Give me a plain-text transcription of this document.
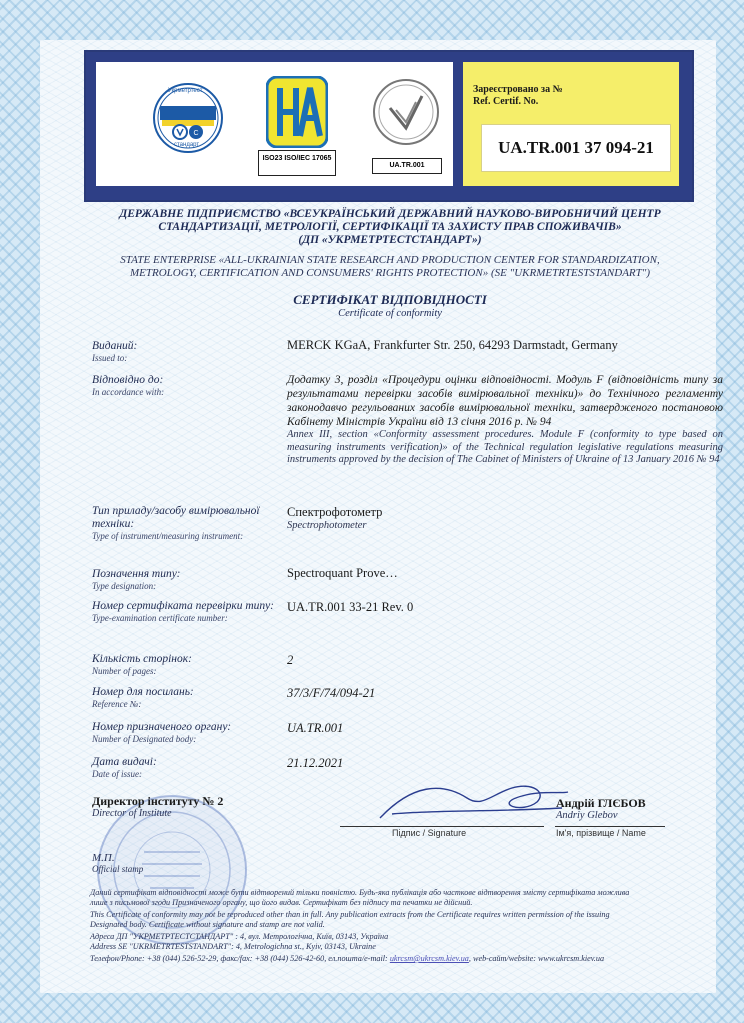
С
Укрметртест
стандарт
ISO23 ISO/IEC 17065
UA.TR.001
Зареєстровано за №
Ref. Certif. No.
UA.TR.001 37 094-21
ДЕРЖАВНЕ ПІДПРИЄМСТВО «ВСЕУКРАЇНСЬКИЙ ДЕРЖАВНИЙ НАУКОВО-ВИРОБНИЧИЙ ЦЕНТР
СТАНДАРТИЗАЦІЇ, МЕТРОЛОГІЇ, СЕРТИФІКАЦІЇ ТА ЗАХИСТУ ПРАВ СПОЖИВАЧІВ»
(ДП «УКРМЕТРТЕСТСТАНДАРТ»)
STATE ENTERPRISE «ALL-UKRAINIAN STATE RESEARCH AND PRODUCTION CENTER FOR STANDARDIZATION,
METROLOGY, CERTIFICATION AND CONSUMERS' RIGHTS PROTECTION» (SE "UKRMETRTESTSTANDART")
СЕРТИФІКАТ ВІДПОВІДНОСТІ
Certificate of conformity
Виданий:
Issued to:
MERCK KGaA, Frankfurter Str. 250, 64293 Darmstadt, Germany
Відповідно до:
In accordance with:
Додатку 3, розділ «Процедури оцінки відповідності. Модуль F (відповідність типу за результатами перевірки засобів вимірювальної техніки)» до Технічного регламенту законодавчо регульованих засобів вимірювальної техніки, затвердженого постановою Кабінету Міністрів України від 13 січня 2016 р. № 94
Annex III, section «Conformity assessment procedures. Module F (conformity to type based on measuring instruments verification)» of the Technical regulation legislative regulations measuring instruments approved by the decision of The Cabinet of Ministers of Ukraine of 13 January 2016 № 94
Тип приладу/засобу вимірювальної техніки:
Type of instrument/measuring instrument:
Спектрофотометр
Spectrophotometer
Позначення типу:
Type designation:
Spectroquant Prove…
Номер сертифіката перевірки типу:
Type-examination certificate number:
UA.TR.001 33-21 Rev. 0
Кількість сторінок:
Number of pages:
2
Номер для посилань:
Reference №:
37/3/F/74/094-21
Номер призначеного органу:
Number of Designated body:
UA.TR.001
Дата видачі:
Date of issue:
21.12.2021
Директор інституту № 2
Director of Institute
Підпис / Signature
Андрій ГЛЄБОВ
Andriy Glebov
Ім'я, прізвище / Name
М.П.
Official stamp
Даний сертифікат відповідності може бути відтворений тільки повністю. Будь-яка публікація або часткове відтворення змісту сертифіката можлива
лише з письмової згоди Призначеного органу, що його видав. Сертифікат без підпису та печатки не дійсний.
This Certificate of conformity may not be reproduced other than in full. Any publication extracts from the Certificate requires written permission of the issuing
Designated body. Certificate without signature and stamp are not valid.
Адреса ДП "УКРМЕТРТЕСТСТАНДАРТ" : 4, вул. Метрологічна, Київ, 03143, Україна
Address SE "UKRMETRTESTSTANDART": 4, Metrologichna st., Kyiv, 03143, Ukraine
Телефон/Phone: +38 (044) 526-52-29, факс/fax: +38 (044) 526-42-60, ел.пошта/e-mail: ukrcsm@ukrcsm.kiev.ua, web-сайт/website: www.ukrcsm.kiev.ua
